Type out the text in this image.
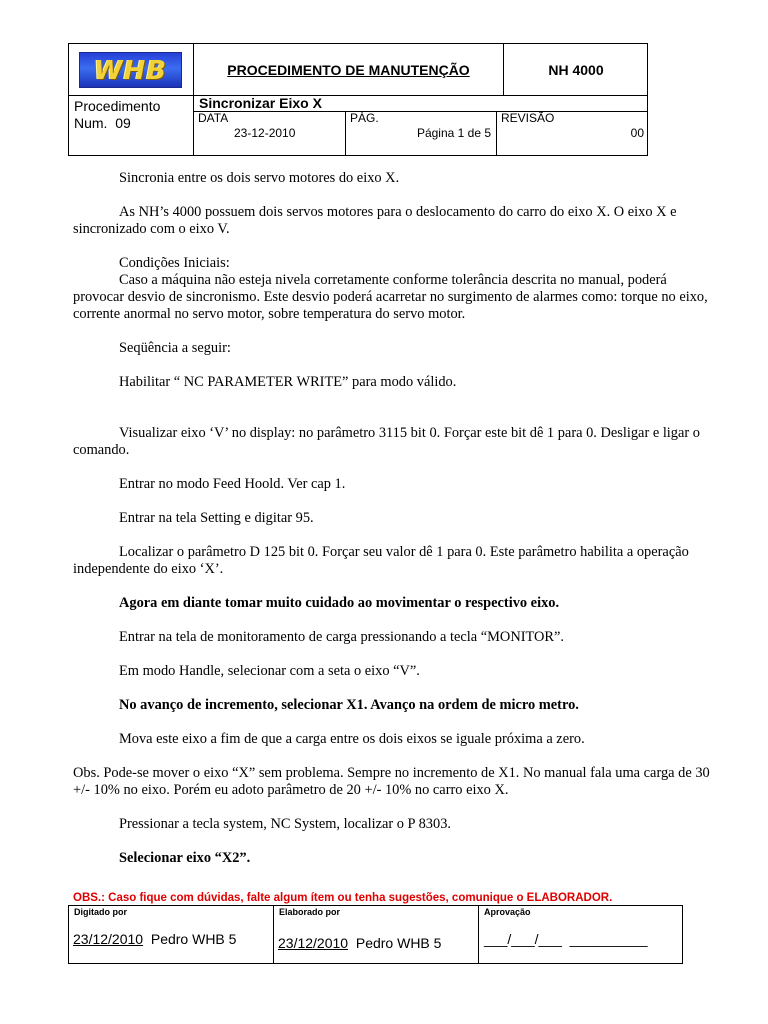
WHB	PROCEDIMENTO DE MANUTENÇÃO	NH 4000
Procedimento
Num.  09
Sincronizar Eixo X
DATA
23-12-2010
PÁG.
Página 1 de 5
REVISÃO
00

Sincronia entre os dois servo motores do eixo X.

As NH’s 4000 possuem dois servos motores para o deslocamento do carro do eixo X. O eixo X e sincronizado com o eixo V.

Condições Iniciais:

Caso a máquina não esteja nivela corretamente conforme tolerância descrita no manual, poderá provocar desvio de sincronismo. Este desvio poderá acarretar no surgimento de alarmes como: torque no eixo, corrente anormal no servo motor, sobre temperatura do servo motor.

Seqüência a seguir:

Habilitar “ NC PARAMETER WRITE” para modo válido.

Visualizar eixo ‘V’ no display: no parâmetro 3115 bit 0. Forçar este bit dê 1 para 0. Desligar e ligar o comando.

Entrar no modo Feed Hoold. Ver cap 1.

Entrar na tela Setting e digitar 95.

Localizar o parâmetro D 125 bit 0. Forçar seu valor dê 1 para 0. Este parâmetro habilita a operação independente do eixo ‘X’.

Agora em diante tomar muito cuidado ao movimentar o respectivo eixo.

Entrar na tela de monitoramento de carga pressionando a tecla “MONITOR”.

Em modo Handle, selecionar com a seta o eixo “V”.

No avanço de incremento, selecionar X1. Avanço na ordem de micro metro.

Mova este eixo a fim de que a carga entre os dois eixos se iguale próxima a zero.

Obs. Pode-se mover o eixo “X” sem problema. Sempre no incremento de X1. No manual fala uma carga de 30 +/- 10% no eixo. Porém eu adoto parâmetro de 20 +/- 10% no carro eixo X.

Pressionar a tecla system, NC System, localizar o P 8303.

Selecionar eixo “X2”.

OBS.: Caso fique com dúvidas, falte algum ítem ou tenha sugestões, comunique o ELABORADOR.
Digitado por
23/12/2010 Pedro WHB 5
Elaborado por
23/12/2010 Pedro WHB 5
Aprovação
___/___/___  __________
